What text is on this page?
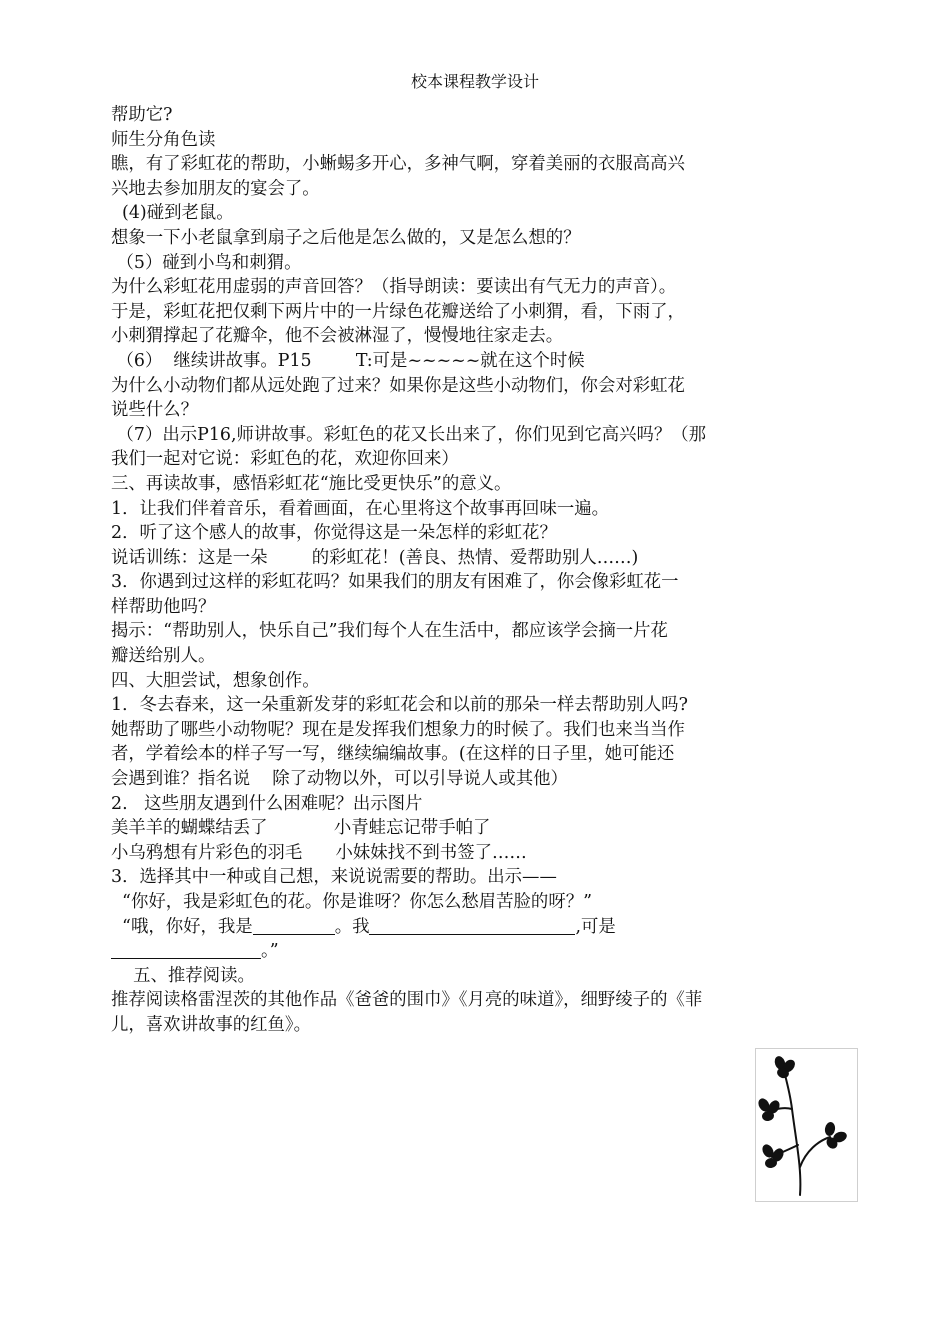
校本课程教学设计
帮助它?
师生分角色读
瞧，有了彩虹花的帮助，小蜥蜴多开心，多神气啊，穿着美丽的衣服高高兴
兴地去参加朋友的宴会了。
(4)碰到老鼠。
想象一下小老鼠拿到扇子之后他是怎么做的，又是怎么想的？
（5）碰到小鸟和刺猬。
为什么彩虹花用虚弱的声音回答？（指导朗读：要读出有气无力的声音）。
于是，彩虹花把仅剩下两片中的一片绿色花瓣送给了小刺猬，看，下雨了，
小刺猬撑起了花瓣伞，他不会被淋湿了，慢慢地往家走去。
（6）  继续讲故事。P15        T:可是~~~~~就在这个时候
为什么小动物们都从远处跑了过来？如果你是这些小动物们，你会对彩虹花
说些什么？
（7）出示P16,师讲故事。彩虹色的花又长出来了，你们见到它高兴吗？（那
我们一起对它说：彩虹色的花，欢迎你回来）
三、再读故事，感悟彩虹花“施比受更快乐”的意义。
1．让我们伴着音乐，看着画面，在心里将这个故事再回味一遍。
2．听了这个感人的故事，你觉得这是一朵怎样的彩虹花？
说话训练：这是一朵        的彩虹花！(善良、热情、爱帮助别人……)
3．你遇到过这样的彩虹花吗？如果我们的朋友有困难了，你会像彩虹花一
样帮助他吗？
揭示：“帮助别人，快乐自己”我们每个人在生活中，都应该学会摘一片花
瓣送给别人。
四、大胆尝试，想象创作。
1．冬去春来，这一朵重新发芽的彩虹花会和以前的那朵一样去帮助别人吗?
她帮助了哪些小动物呢？现在是发挥我们想象力的时候了。我们也来当当作
者，学着绘本的样子写一写，继续编编故事。(在这样的日子里，她可能还
会遇到谁？指名说    除了动物以外，可以引导说人或其他）
2.   这些朋友遇到什么困难呢？出示图片
美羊羊的蝴蝶结丢了            小青蛙忘记带手帕了
小乌鸦想有片彩色的羽毛      小妹妹找不到书签了……
3．选择其中一种或自己想，来说说需要的帮助。出示——
“你好，我是彩虹色的花。你是谁呀？你怎么愁眉苦脸的呀？”
“哦，你好，我是	。我	,可是
。”
五、推荐阅读。
推荐阅读格雷涅茨的其他作品《爸爸的围巾》《月亮的味道》，细野绫子的《菲
儿，喜欢讲故事的红鱼》。
